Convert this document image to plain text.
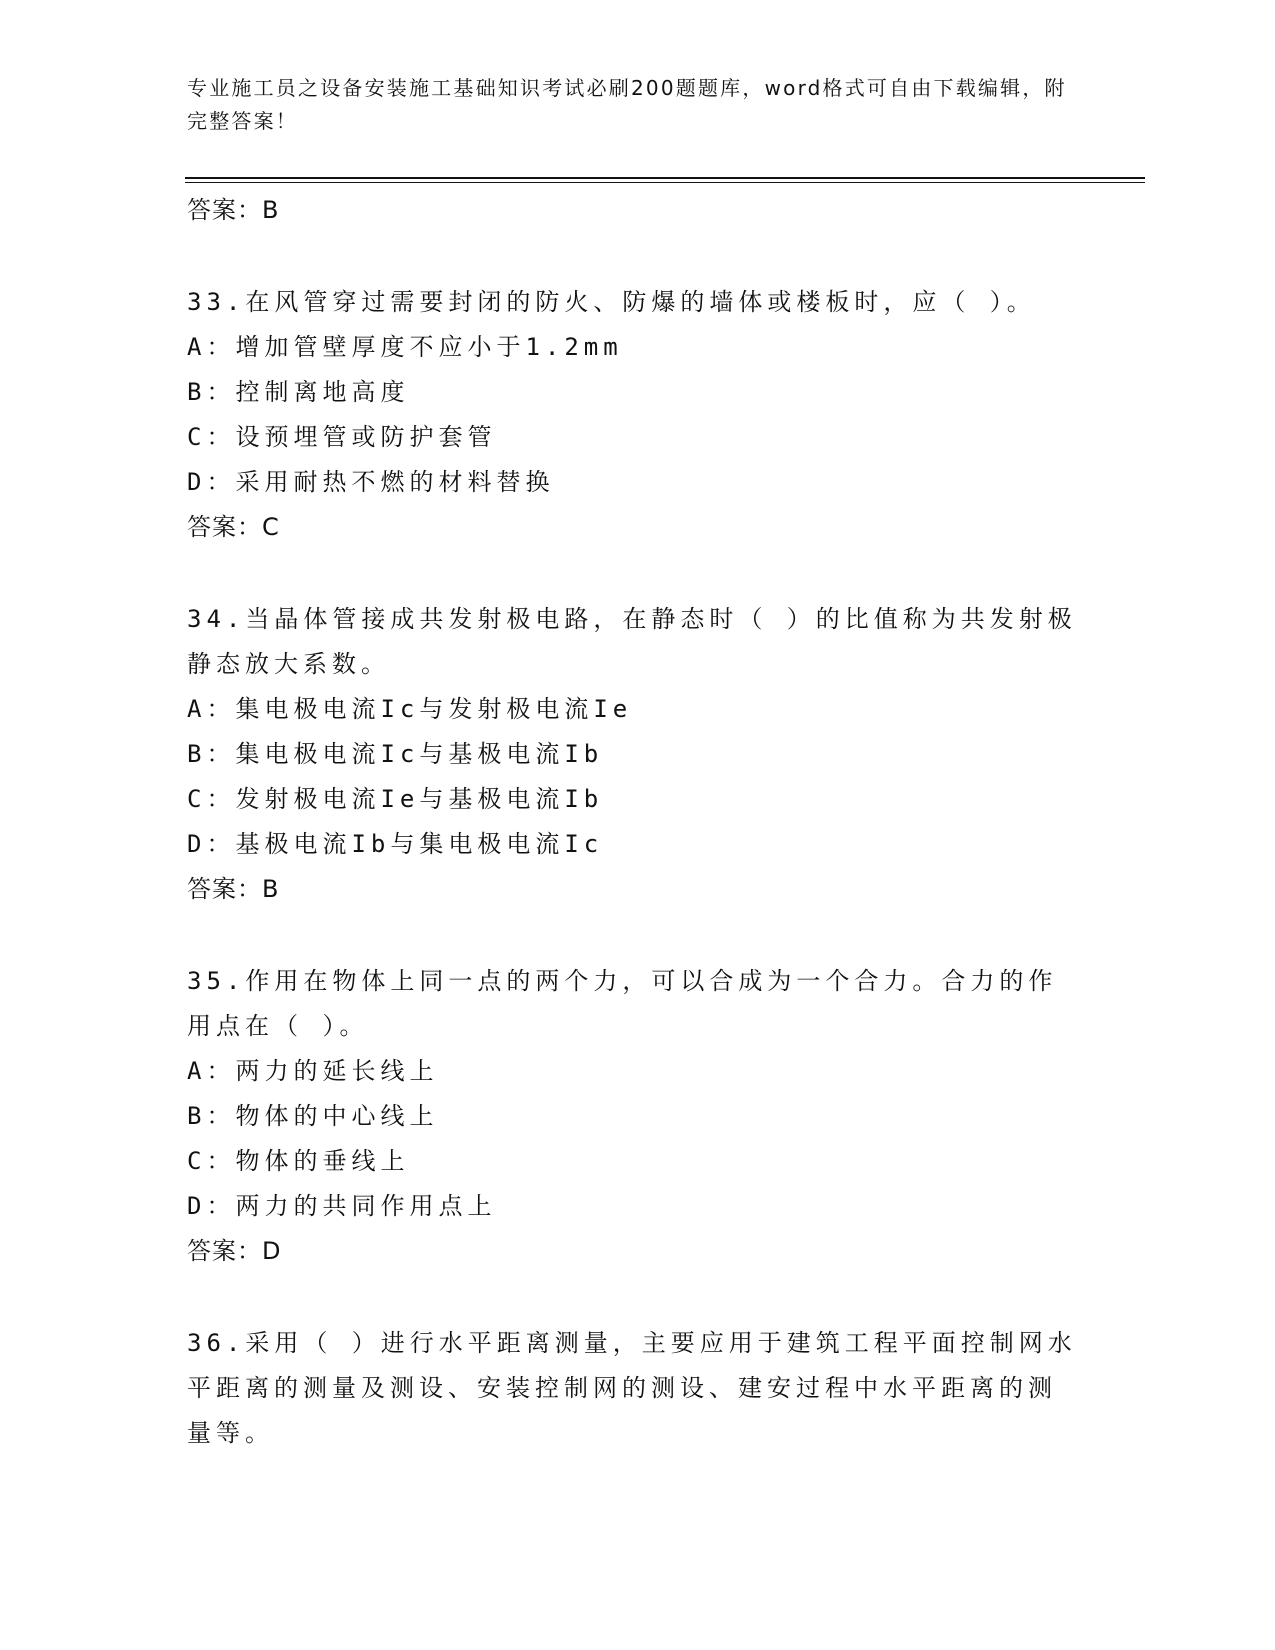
专业施工员之设备安装施工基础知识考试必刷200题题库，word格式可自由下载编辑，附完整答案！
答案：B
33.在风管穿过需要封闭的防火、防爆的墙体或楼板时，应（ ）。
A：增加管壁厚度不应小于1.2mm
B：控制离地高度
C：设预埋管或防护套管
D：采用耐热不燃的材料替换
答案：C
34.当晶体管接成共发射极电路，在静态时（ ）的比值称为共发射极静态放大系数。
A：集电极电流Ic与发射极电流Ie
B：集电极电流Ic与基极电流Ib
C：发射极电流Ie与基极电流Ib
D：基极电流Ib与集电极电流Ic
答案：B
35.作用在物体上同一点的两个力，可以合成为一个合力。合力的作用点在（ ）。
A：两力的延长线上
B：物体的中心线上
C：物体的垂线上
D：两力的共同作用点上
答案：D
36.采用（ ）进行水平距离测量，主要应用于建筑工程平面控制网水平距离的测量及测设、安装控制网的测设、建安过程中水平距离的测量等。
